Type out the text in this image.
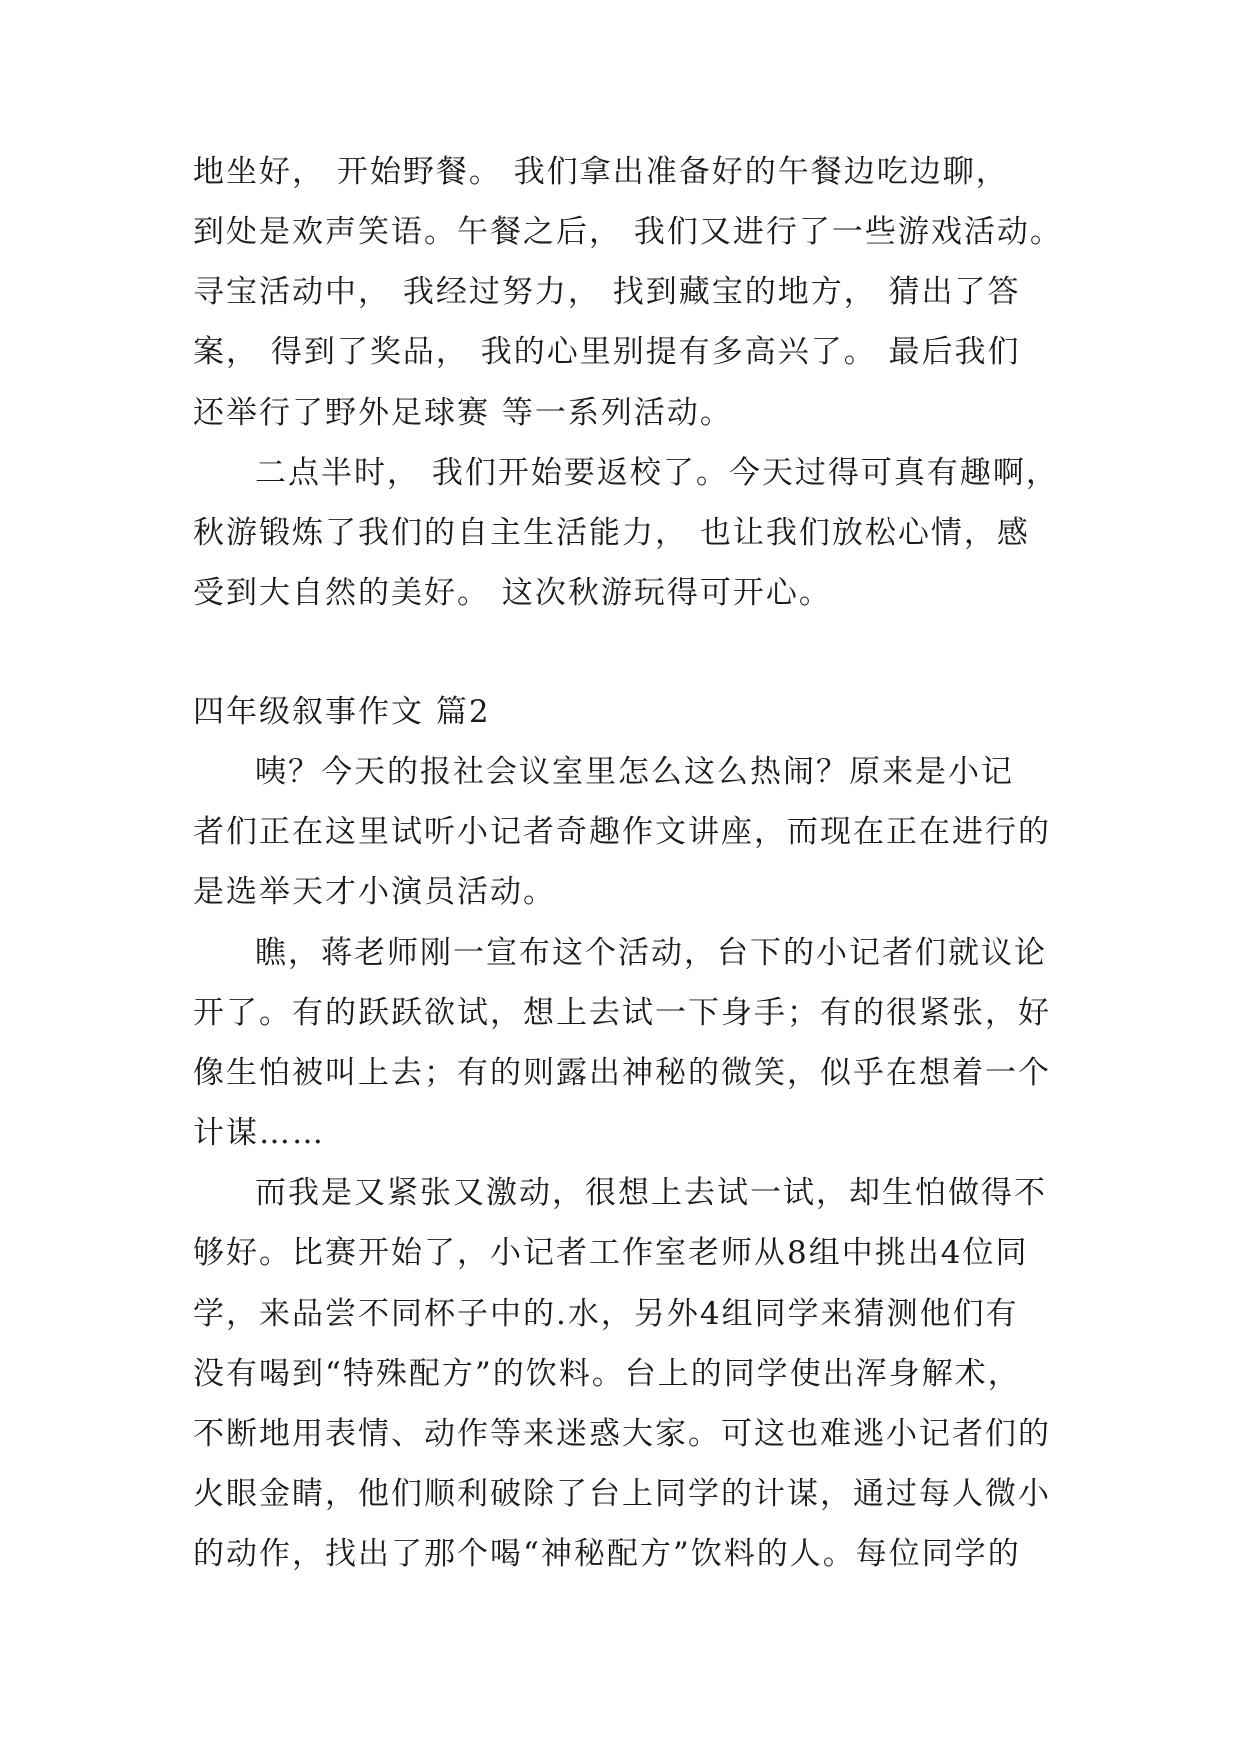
地坐好， 开始野餐。 我们拿出准备好的午餐边吃边聊，
到处是欢声笑语。午餐之后， 我们又进行了一些游戏活动。
寻宝活动中， 我经过努力， 找到藏宝的地方， 猜出了答
案， 得到了奖品， 我的心里别提有多高兴了。 最后我们
还举行了野外足球赛 等一系列活动。
二点半时， 我们开始要返校了。今天过得可真有趣啊，
秋游锻炼了我们的自主生活能力， 也让我们放松心情，感
受到大自然的美好。 这次秋游玩得可开心。
四年级叙事作文 篇2
咦？今天的报社会议室里怎么这么热闹？原来是小记
者们正在这里试听小记者奇趣作文讲座，而现在正在进行的
是选举天才小演员活动。
瞧，蒋老师刚一宣布这个活动，台下的小记者们就议论
开了。有的跃跃欲试，想上去试一下身手；有的很紧张，好
像生怕被叫上去；有的则露出神秘的微笑，似乎在想着一个
计谋……
而我是又紧张又激动，很想上去试一试，却生怕做得不
够好。比赛开始了，小记者工作室老师从8组中挑出4位同
学，来品尝不同杯子中的.水，另外4组同学来猜测他们有
没有喝到“特殊配方”的饮料。台上的同学使出浑身解术，
不断地用表情、动作等来迷惑大家。可这也难逃小记者们的
火眼金睛，他们顺利破除了台上同学的计谋，通过每人微小
的动作，找出了那个喝“神秘配方”饮料的人。每位同学的
